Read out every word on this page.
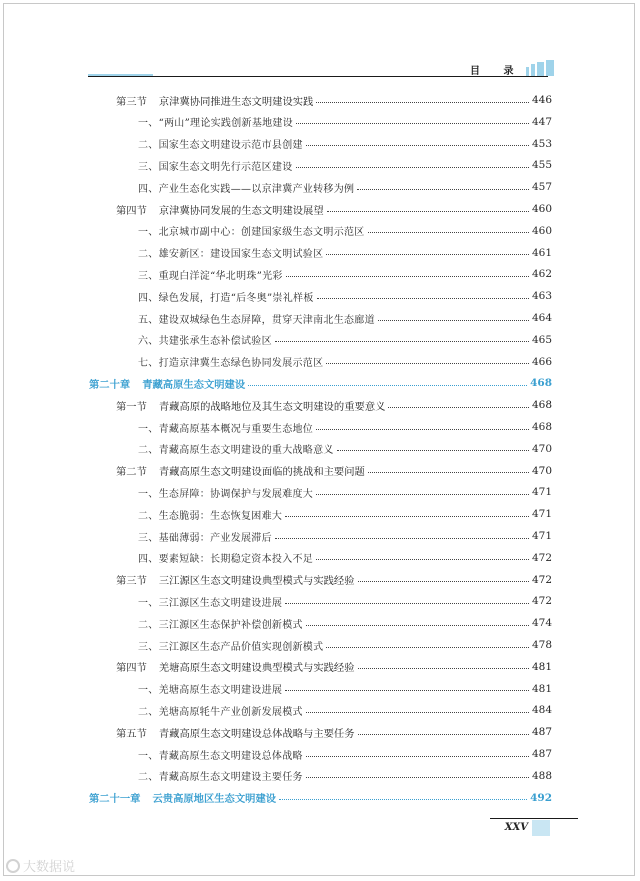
目 录
第三节 京津冀协同推进生态文明建设实践	446
一、“两山”理论实践创新基地建设	447
二、国家生态文明建设示范市县创建	453
三、国家生态文明先行示范区建设	455
四、产业生态化实践——以京津冀产业转移为例	457
第四节 京津冀协同发展的生态文明建设展望	460
一、北京城市副中心：创建国家级生态文明示范区	460
二、雄安新区：建设国家生态文明试验区	461
三、重现白洋淀“华北明珠”光彩	462
四、绿色发展，打造“后冬奥”崇礼样板	463
五、建设双城绿色生态屏障，贯穿天津南北生态廊道	464
六、共建张承生态补偿试验区	465
七、打造京津冀生态绿色协同发展示范区	466
第二十章 青藏高原生态文明建设	468
第一节 青藏高原的战略地位及其生态文明建设的重要意义	468
一、青藏高原基本概况与重要生态地位	468
二、青藏高原生态文明建设的重大战略意义	470
第二节 青藏高原生态文明建设面临的挑战和主要问题	470
一、生态屏障：协调保护与发展难度大	471
二、生态脆弱：生态恢复困难大	471
三、基础薄弱：产业发展滞后	471
四、要素短缺：长期稳定资本投入不足	472
第三节 三江源区生态文明建设典型模式与实践经验	472
一、三江源区生态文明建设进展	472
二、三江源区生态保护补偿创新模式	474
三、三江源区生态产品价值实现创新模式	478
第四节 羌塘高原生态文明建设典型模式与实践经验	481
一、羌塘高原生态文明建设进展	481
二、羌塘高原牦牛产业创新发展模式	484
第五节 青藏高原生态文明建设总体战略与主要任务	487
一、青藏高原生态文明建设总体战略	487
二、青藏高原生态文明建设主要任务	488
第二十一章 云贵高原地区生态文明建设	492
XXV
大数据说
